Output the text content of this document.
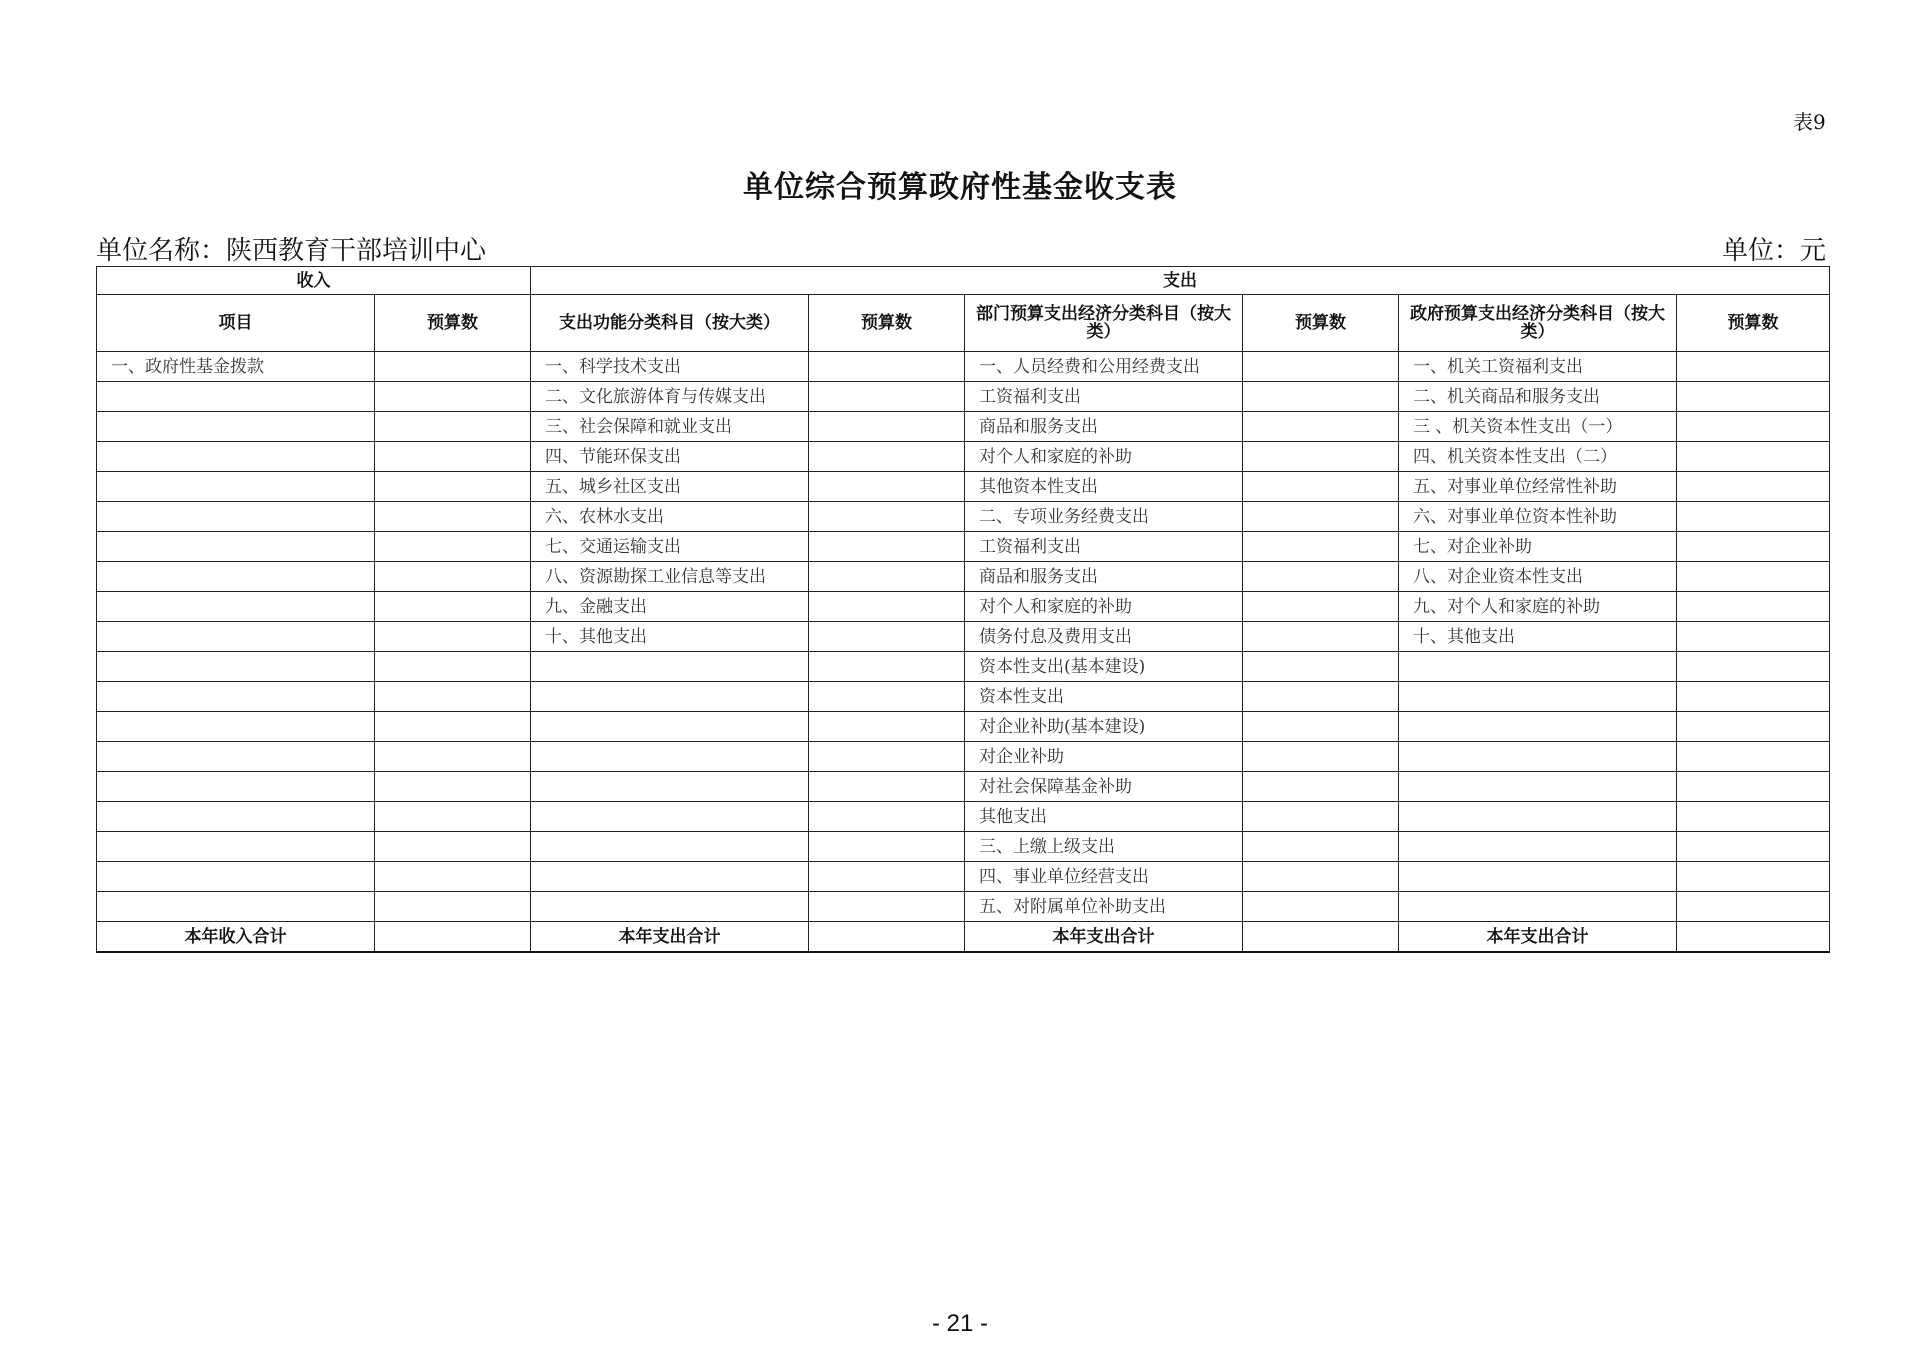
表9
单位综合预算政府性基金收支表
单位名称：陕西教育干部培训中心	单位：元
收入		支出					
项目	预算数	支出功能分类科目（按大类）	预算数	部门预算支出经济分类科目（按大类）	预算数	政府预算支出经济分类科目（按大类）	预算数
一、政府性基金拨款		一、科学技术支出		一、人员经费和公用经费支出		一、机关工资福利支出	
		二、文化旅游体育与传媒支出		工资福利支出		二、机关商品和服务支出	
		三、社会保障和就业支出		商品和服务支出		三 、机关资本性支出（一）	
		四、节能环保支出		对个人和家庭的补助		四、机关资本性支出（二）	
		五、城乡社区支出		其他资本性支出		五、对事业单位经常性补助	
		六、农林水支出		二、专项业务经费支出		六、对事业单位资本性补助	
		七、交通运输支出		工资福利支出		七、对企业补助	
		八、资源勘探工业信息等支出		商品和服务支出		八、对企业资本性支出	
		九、金融支出		对个人和家庭的补助		九、对个人和家庭的补助	
		十、其他支出		债务付息及费用支出		十、其他支出	
				资本性支出(基本建设)			
				资本性支出			
				对企业补助(基本建设)			
				对企业补助			
				对社会保障基金补助			
				其他支出			
				三、上缴上级支出			
				四、事业单位经营支出			
				五、对附属单位补助支出			
本年收入合计		本年支出合计		本年支出合计		本年支出合计	
- 21 -
